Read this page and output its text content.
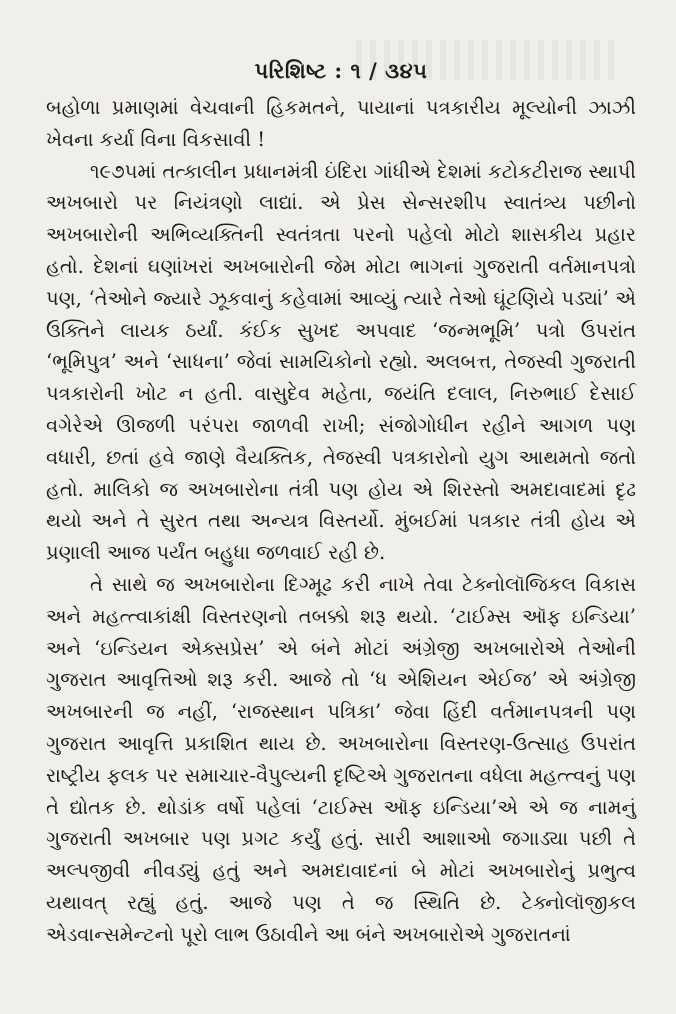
પરિશિષ્ટ : ૧ / ૩૪૫

બહોળા પ્રમાણમાં વેચવાની હિકમતને, પાયાનાં પત્રકારીય મૂલ્યોની ઝાઝી ખેવના કર્યા વિના વિકસાવી !

૧૯૭૫માં તત્કાલીન પ્રધાનમંત્રી ઇંદિરા ગાંધીએ દેશમાં કટોકટીરાજ સ્થાપી અખબારો પર નિયંત્રણો લાદ્યાં. એ પ્રેસ સેન્સરશીપ સ્વાતંત્ર્ય પછીનો અખબારોની અભિવ્યક્તિની સ્વતંત્રતા પરનો પહેલો મોટો શાસકીય પ્રહાર હતો. દેશનાં ઘણાંખરાં અખબારોની જેમ મોટા ભાગનાં ગુજરાતી વર્તમાનપત્રો પણ, ‘તેઓને જ્યારે ઝૂકવાનું કહેવામાં આવ્યું ત્યારે તેઓ ઘૂંટણિયે પડ્યાં’ એ ઉક્તિને લાયક ઠર્યાં. કંઈક સુખદ અપવાદ ‘જન્મભૂમિ’ પત્રો ઉપરાંત ‘ભૂમિપુત્ર’ અને ‘સાધના’ જેવાં સામયિકોનો રહ્યો. અલબત્ત, તેજસ્વી ગુજરાતી પત્રકારોની ખોટ ન હતી. વાસુદેવ મહેતા, જયંતિ દલાલ, નિરુભાઈ દેસાઈ વગેરેએ ઊજળી પરંપરા જાળવી રાખી; સંજોગોધીન રહીને આગળ પણ વધારી, છતાં હવે જાણે વૈયક્તિક, તેજસ્વી પત્રકારોનો યુગ આથમતો જતો હતો. માલિકો જ અખબારોના તંત્રી પણ હોય એ શિરસ્તો અમદાવાદમાં દૃઢ થયો અને તે સુરત તથા અન્યત્ર વિસ્તર્યો. મુંબઈમાં પત્રકાર તંત્રી હોય એ પ્રણાલી આજ પર્યંત બહુધા જળવાઈ રહી છે.

તે સાથે જ અખબારોના દિગ્મૂઢ કરી નાખે તેવા ટેક્નોલૉજિકલ વિકાસ અને મહત્ત્વાકાંક્ષી વિસ્તરણનો તબક્કો શરૂ થયો. ‘ટાઈમ્સ ઑફ ઇન્ડિયા’ અને ‘ઇન્ડિયન એક્સપ્રેસ’ એ બંને મોટાં અંગ્રેજી અખબારોએ તેઓની ગુજરાત આવૃત્તિઓ શરૂ કરી. આજે તો ‘ધ એશિયન એઈજ’ એ અંગ્રેજી અખબારની જ નહીં, ‘રાજસ્થાન પત્રિકા’ જેવા હિંદી વર્તમાનપત્રની પણ ગુજરાત આવૃત્તિ પ્રકાશિત થાય છે. અખબારોના વિસ્તરણ-ઉત્સાહ ઉપરાંત રાષ્ટ્રીય ફલક પર સમાચાર-વૈપુલ્યની દૃષ્ટિએ ગુજરાતના વધેલા મહત્ત્વનું પણ તે દ્યોતક છે. થોડાંક વર્ષો પહેલાં ‘ટાઈમ્સ ઑફ ઇન્ડિયા’એ એ જ નામનું ગુજરાતી અખબાર પણ પ્રગટ કર્યું હતું. સારી આશાઓ જગાડ્યા પછી તે અલ્પજીવી નીવડ્યું હતું અને અમદાવાદનાં બે મોટાં અખબારોનું પ્રભુત્વ યથાવત્ રહ્યું હતું. આજે પણ તે જ સ્થિતિ છે. ટેક્નોલૉજીકલ એડવાન્સમેન્ટનો પૂરો લાભ ઉઠાવીને આ બંને અખબારોએ ગુજરાતનાં
